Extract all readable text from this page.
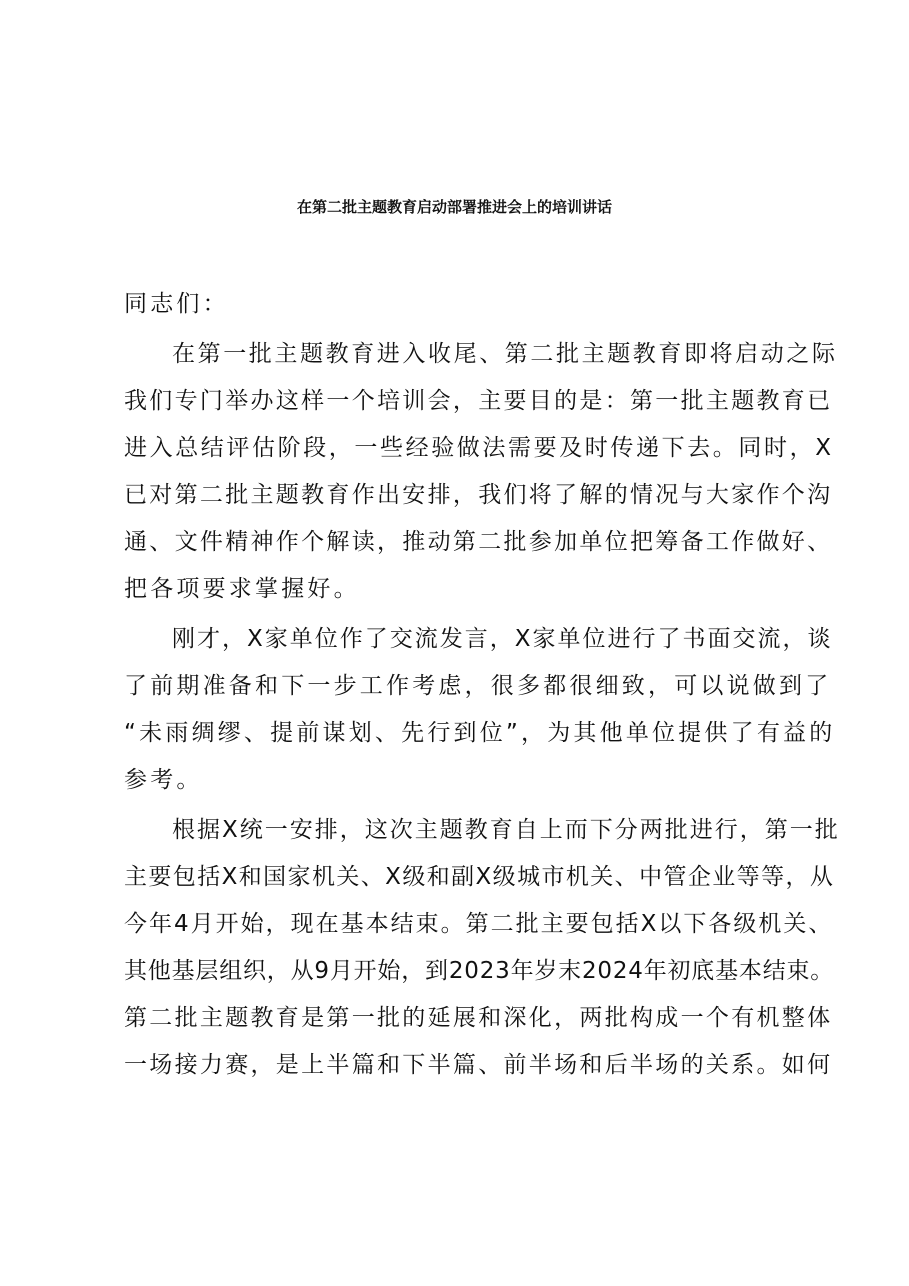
在第二批主题教育启动部署推进会上的培训讲话
同志们：
在第一批主题教育进入收尾、第二批主题教育即将启动之际
我们专门举办这样一个培训会，主要目的是：第一批主题教育已
进入总结评估阶段，一些经验做法需要及时传递下去。同时，X
已对第二批主题教育作出安排，我们将了解的情况与大家作个沟
通、文件精神作个解读，推动第二批参加单位把筹备工作做好、
把各项要求掌握好。
刚才，X家单位作了交流发言，X家单位进行了书面交流，谈
了前期准备和下一步工作考虑，很多都很细致，可以说做到了
“未雨绸缪、提前谋划、先行到位”，为其他单位提供了有益的
参考。
根据X统一安排，这次主题教育自上而下分两批进行，第一批
主要包括X和国家机关、X级和副X级城市机关、中管企业等等，从
今年4月开始，现在基本结束。第二批主要包括X以下各级机关、
其他基层组织，从9月开始，到2023年岁末2024年初底基本结束。
第二批主题教育是第一批的延展和深化，两批构成一个有机整体
一场接力赛，是上半篇和下半篇、前半场和后半场的关系。如何
